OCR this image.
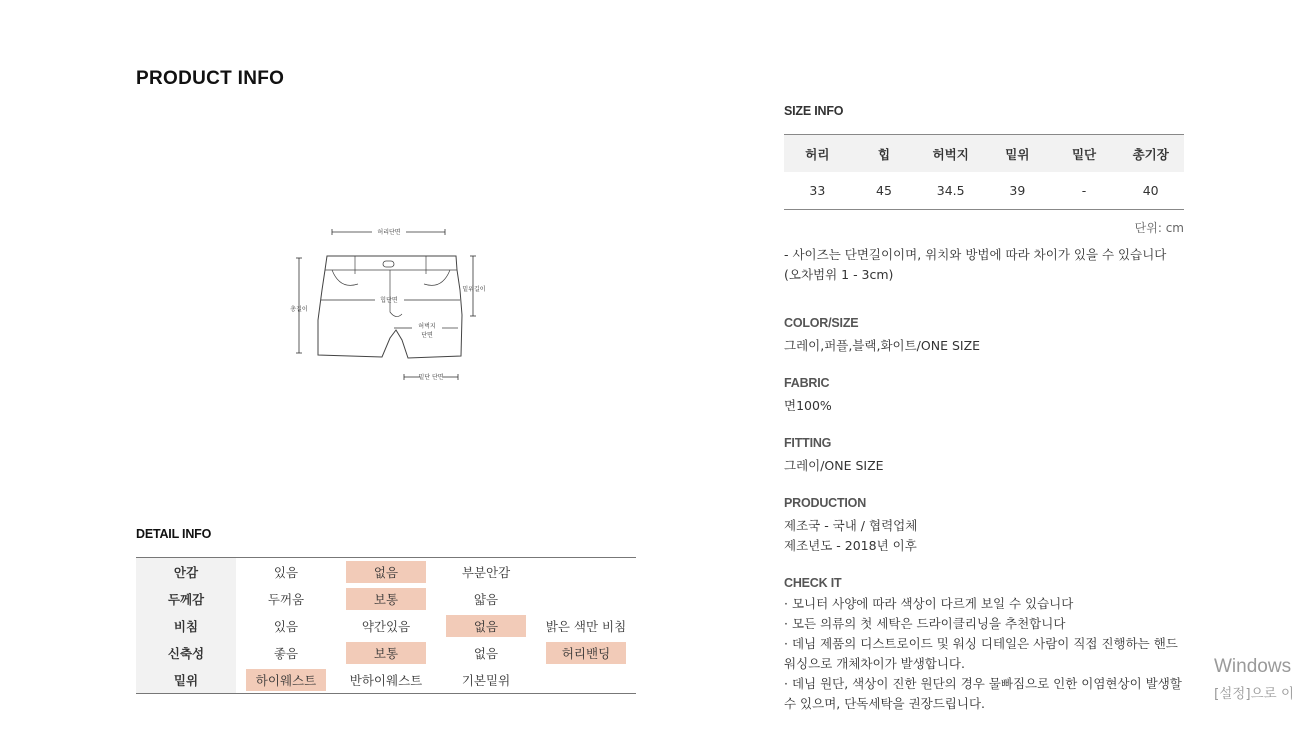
PRODUCT INFO
허리단면
총길이
밑위길이
힙단면
허벅지
단면
밑단 단면
DETAIL INFO
안감	있음	없음	부분안감
두께감	두꺼움	보통	얇음
비침	있음	약간있음	없음	밝은 색만 비침
신축성	좋음	보통	없음	허리밴딩
밑위	하이웨스트	반하이웨스트	기본밑위
SIZE INFO
허리	힙	허벅지	밑위	밑단	총기장
33	45	34.5	39	-	40
단위: cm
- 사이즈는 단면길이이며, 위치와 방법에 따라 차이가 있을 수 있습니다
(오차범위 1 - 3cm)
COLOR/SIZE
그레이,퍼플,블랙,화이트/ONE SIZE
FABRIC
면100%
FITTING
그레이/ONE SIZE
PRODUCTION
제조국 - 국내 / 협력업체
제조년도 - 2018년 이후
CHECK IT
· 모니터 사양에 따라 색상이 다르게 보일 수 있습니다
· 모든 의류의 첫 세탁은 드라이클리닝을 추천합니다
· 데님 제품의 디스트로이드 및 워싱 디테일은 사람이 직접 진행하는 핸드워싱으로 개체차이가 발생합니다.
· 데님 원단, 색상이 진한 원단의 경우 물빠짐으로 인한 이염현상이 발생할 수 있으며, 단독세탁을 권장드립니다.
Windows
[설정]으로 이
